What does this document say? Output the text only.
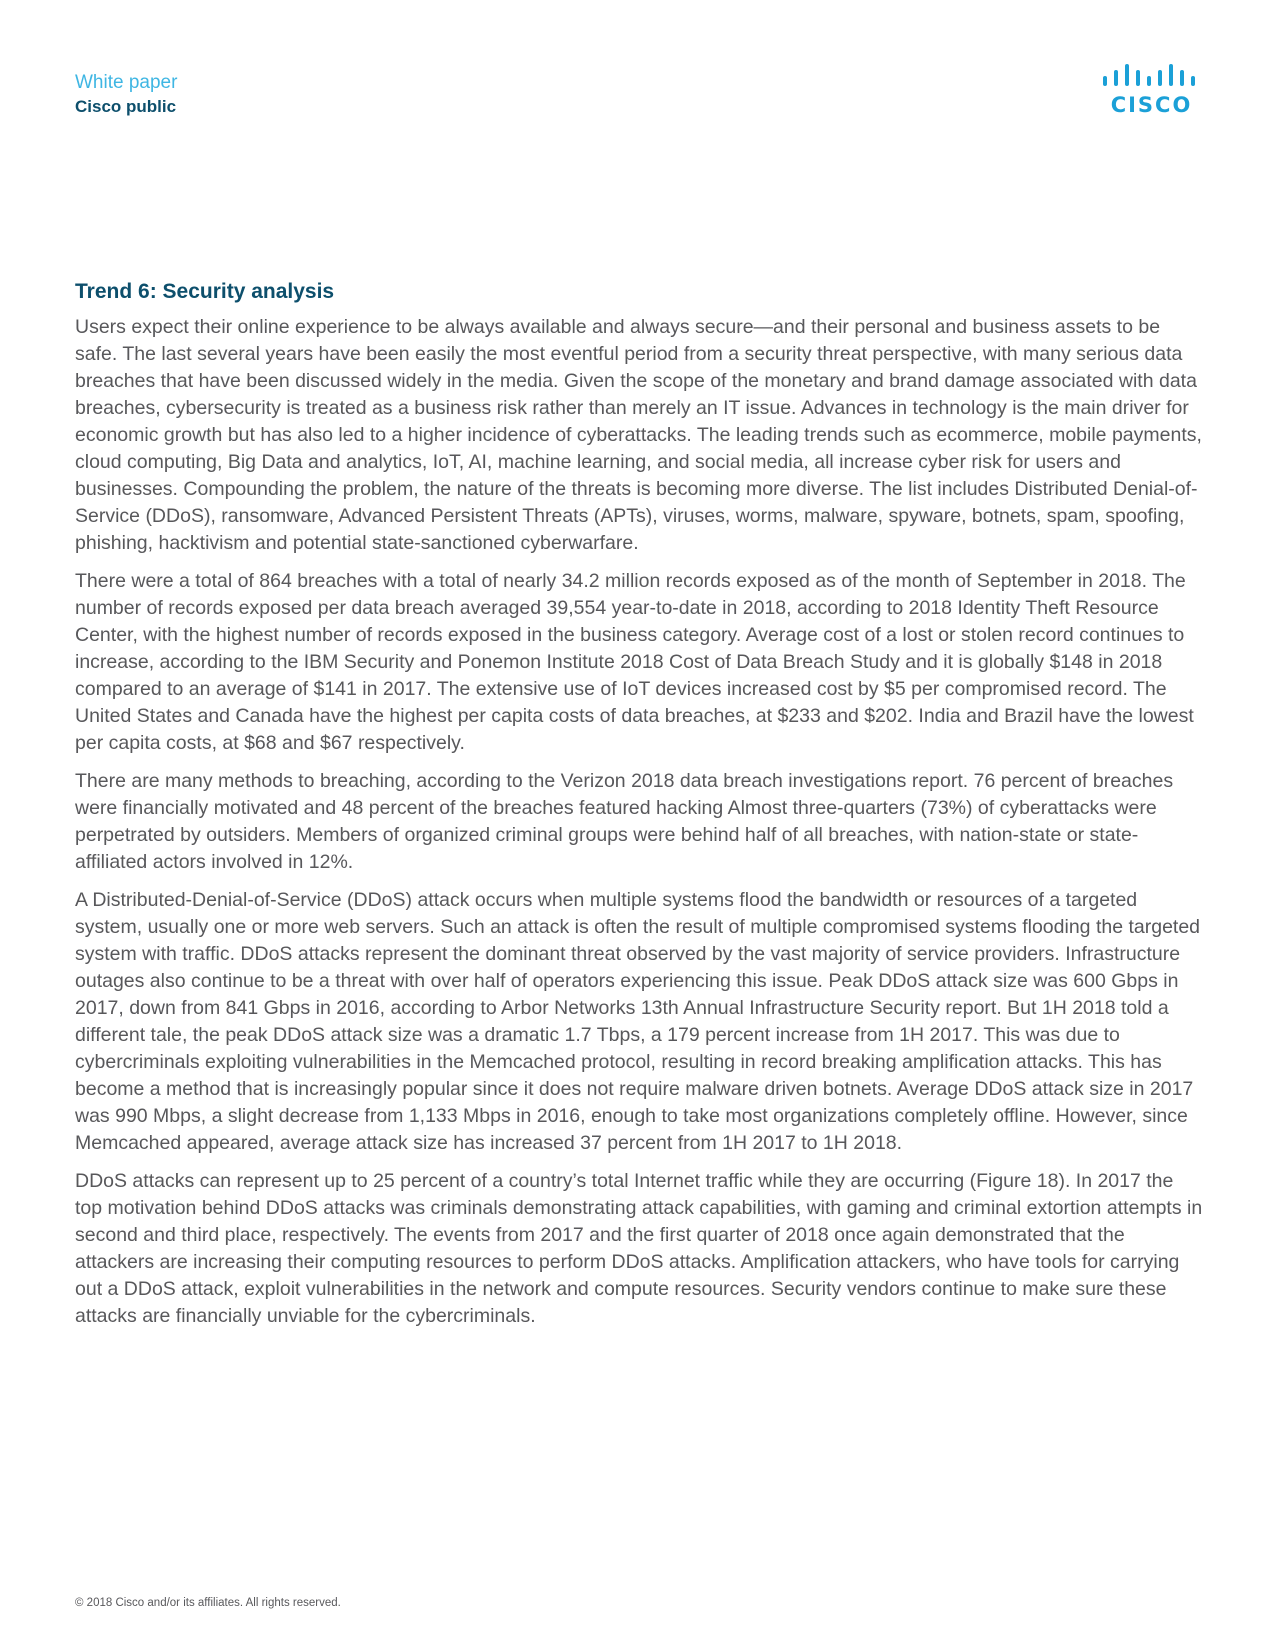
White paper
Cisco public	CISCO
Trend 6: Security analysis

Users expect their online experience to be always available and always secure—and their personal and business assets to be safe. The last several years have been easily the most eventful period from a security threat perspective, with many serious data breaches that have been discussed widely in the media. Given the scope of the monetary and brand damage associated with data breaches, cybersecurity is treated as a business risk rather than merely an IT issue. Advances in technology is the main driver for economic growth but has also led to a higher incidence of cyberattacks. The leading trends such as ecommerce, mobile payments, cloud computing, Big Data and analytics, IoT, AI, machine learning, and social media, all increase cyber risk for users and businesses. Compounding the problem, the nature of the threats is becoming more diverse. The list includes Distributed Denial-of-Service (DDoS), ransomware, Advanced Persistent Threats (APTs), viruses, worms, malware, spyware, botnets, spam, spoofing, phishing, hacktivism and potential state-sanctioned cyberwarfare.

There were a total of 864 breaches with a total of nearly 34.2 million records exposed as of the month of September in 2018. The number of records exposed per data breach averaged 39,554 year-to-date in 2018, according to 2018 Identity Theft Resource Center, with the highest number of records exposed in the business category. Average cost of a lost or stolen record continues to increase, according to the IBM Security and Ponemon Institute 2018 Cost of Data Breach Study and it is globally $148 in 2018 compared to an average of $141 in 2017. The extensive use of IoT devices increased cost by $5 per compromised record. The United States and Canada have the highest per capita costs of data breaches, at $233 and $202. India and Brazil have the lowest per capita costs, at $68 and $67 respectively.

There are many methods to breaching, according to the Verizon 2018 data breach investigations report. 76 percent of breaches were financially motivated and 48 percent of the breaches featured hacking Almost three-quarters (73%) of cyberattacks were perpetrated by outsiders. Members of organized criminal groups were behind half of all breaches, with nation-state or state-affiliated actors involved in 12%.

A Distributed-Denial-of-Service (DDoS) attack occurs when multiple systems flood the bandwidth or resources of a targeted system, usually one or more web servers. Such an attack is often the result of multiple compromised systems flooding the targeted system with traffic. DDoS attacks represent the dominant threat observed by the vast majority of service providers. Infrastructure outages also continue to be a threat with over half of operators experiencing this issue. Peak DDoS attack size was 600 Gbps in 2017, down from 841 Gbps in 2016, according to Arbor Networks 13th Annual Infrastructure Security report. But 1H 2018 told a different tale, the peak DDoS attack size was a dramatic 1.7 Tbps, a 179 percent increase from 1H 2017. This was due to cybercriminals exploiting vulnerabilities in the Memcached protocol, resulting in record breaking amplification attacks. This has become a method that is increasingly popular since it does not require malware driven botnets. Average DDoS attack size in 2017 was 990 Mbps, a slight decrease from 1,133 Mbps in 2016, enough to take most organizations completely offline. However, since Memcached appeared, average attack size has increased 37 percent from 1H 2017 to 1H 2018.

DDoS attacks can represent up to 25 percent of a country’s total Internet traffic while they are occurring (Figure 18). In 2017 the top motivation behind DDoS attacks was criminals demonstrating attack capabilities, with gaming and criminal extortion attempts in second and third place, respectively. The events from 2017 and the first quarter of 2018 once again demonstrated that the attackers are increasing their computing resources to perform DDoS attacks. Amplification attackers, who have tools for carrying out a DDoS attack, exploit vulnerabilities in the network and compute resources. Security vendors continue to make sure these attacks are financially unviable for the cybercriminals.

© 2018 Cisco and/or its affiliates. All rights reserved.
